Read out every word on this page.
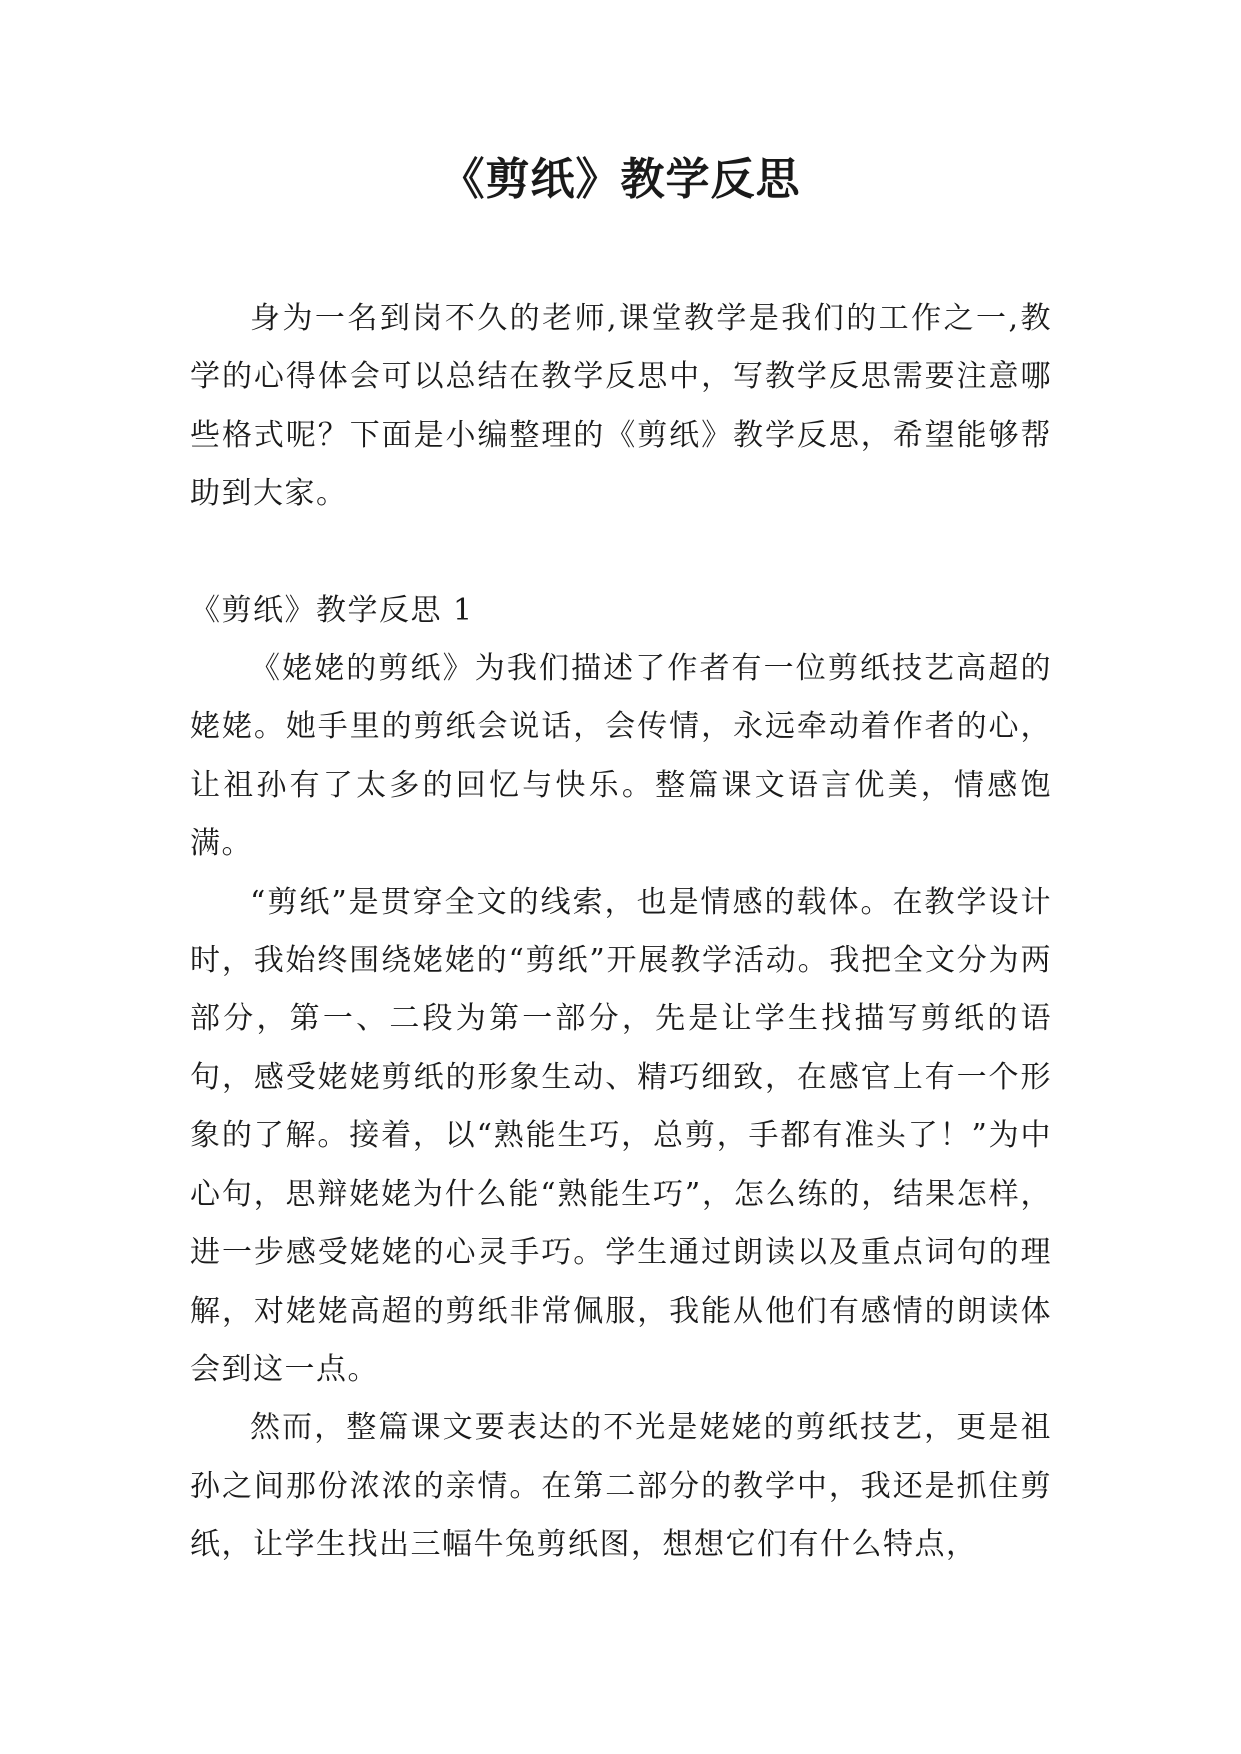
《剪纸》教学反思

身为一名到岗不久的老师,课堂教学是我们的工作之一,教学的心得体会可以总结在教学反思中，写教学反思需要注意哪些格式呢？下面是小编整理的《剪纸》教学反思，希望能够帮助到大家。

《剪纸》教学反思 1

《姥姥的剪纸》为我们描述了作者有一位剪纸技艺高超的姥姥。她手里的剪纸会说话，会传情，永远牵动着作者的心，让祖孙有了太多的回忆与快乐。整篇课文语言优美，情感饱满。

“剪纸”是贯穿全文的线索，也是情感的载体。在教学设计时，我始终围绕姥姥的“剪纸”开展教学活动。我把全文分为两部分，第一、二段为第一部分，先是让学生找描写剪纸的语句，感受姥姥剪纸的形象生动、精巧细致，在感官上有一个形象的了解。接着，以“熟能生巧，总剪，手都有准头了！”为中心句，思辩姥姥为什么能“熟能生巧”，怎么练的，结果怎样，进一步感受姥姥的心灵手巧。学生通过朗读以及重点词句的理解，对姥姥高超的剪纸非常佩服，我能从他们有感情的朗读体会到这一点。

然而，整篇课文要表达的不光是姥姥的剪纸技艺，更是祖孙之间那份浓浓的亲情。在第二部分的教学中，我还是抓住剪纸，让学生找出三幅牛兔剪纸图，想想它们有什么特点，
